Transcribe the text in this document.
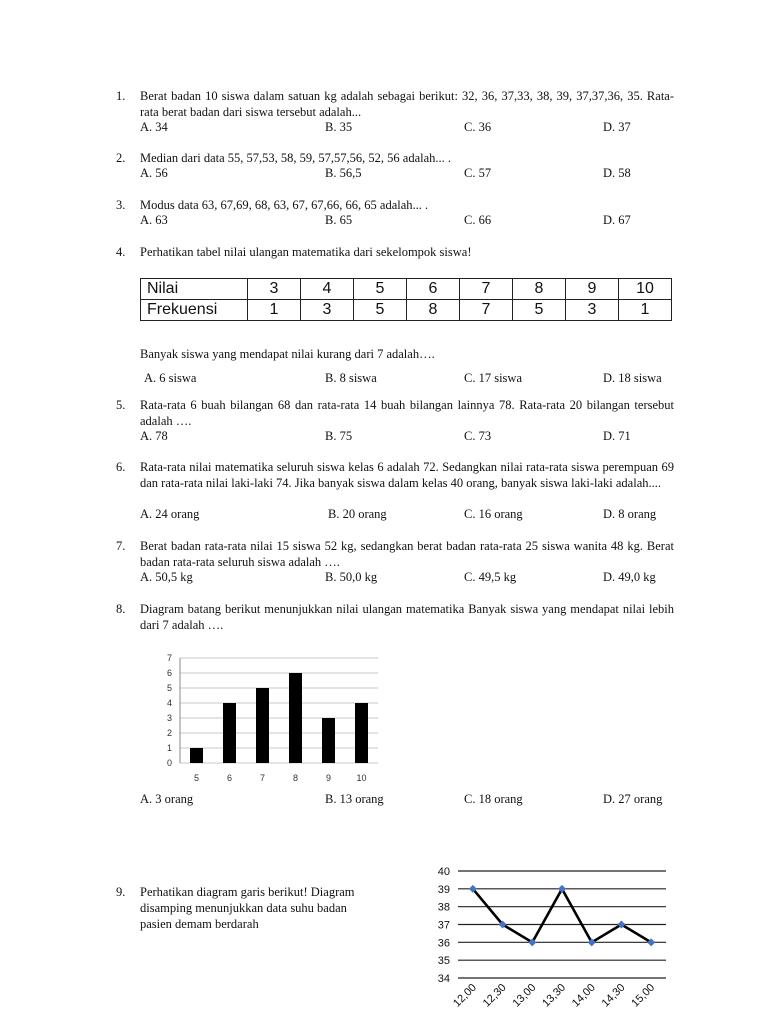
1. Berat badan 10 siswa dalam satuan kg adalah sebagai berikut: 32, 36, 37,33, 38, 39, 37,37,36, 35. Rata-rata berat badan dari siswa tersebut adalah...
A. 34	B. 35	C. 36	D. 37
2. Median dari data 55, 57,53, 58, 59, 57,57,56, 52, 56 adalah... .
A. 56	B. 56,5	C. 57	D. 58
3. Modus data 63, 67,69, 68, 63, 67, 67,66, 66, 65 adalah... .
A. 63	B. 65	C. 66	D. 67
4. Perhatikan tabel nilai ulangan matematika dari sekelompok siswa!
Nilai	3	4	5	6	7	8	9	10
Frekuensi	1	3	5	8	7	5	3	1
Banyak siswa yang mendapat nilai kurang dari 7 adalah….
A. 6 siswa	B. 8 siswa	C. 17 siswa	D. 18 siswa
5. Rata-rata 6 buah bilangan 68 dan rata-rata 14 buah bilangan lainnya 78. Rata-rata 20 bilangan tersebut adalah ….
A. 78	B. 75	C. 73	D. 71
6. Rata-rata nilai matematika seluruh siswa kelas 6 adalah 72. Sedangkan nilai rata-rata siswa perempuan 69 dan rata-rata nilai laki-laki 74. Jika banyak siswa dalam kelas 40 orang, banyak siswa laki-laki adalah....
A. 24 orang	B. 20 orang	C. 16 orang	D. 8 orang
7. Berat badan rata-rata nilai 15 siswa 52 kg, sedangkan berat badan rata-rata 25 siswa wanita 48 kg. Berat badan rata-rata seluruh siswa adalah ….
A. 50,5 kg	B. 50,0 kg	C. 49,5 kg	D. 49,0 kg
8. Diagram batang berikut menunjukkan nilai ulangan matematika Banyak siswa yang mendapat nilai lebih dari 7 adalah ….
0
1
2
3
4
5
6
7
5	6	7	8	9	10
A. 3 orang	B. 13 orang	C. 18 orang	D. 27 orang
9. Perhatikan diagram garis berikut! Diagram disamping menunjukkan data suhu badan pasien demam berdarah
34
35
36
37
38
39
40
12,00 12,30 13,00 13,30 14,00 14,30 15,00
